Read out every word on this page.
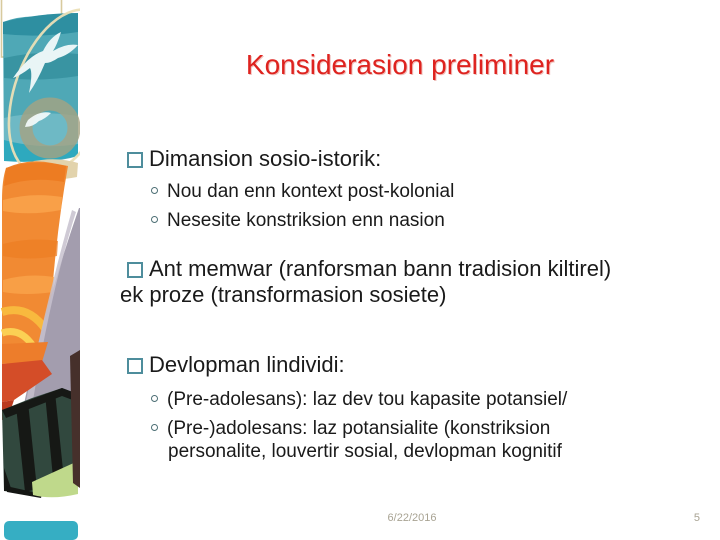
Konsiderasion preliminer
Dimansion sosio-istorik:
Nou dan enn kontext post-kolonial
Nesesite konstriksion enn nasion
Ant memwar (ranforsman bann tradision kiltirel)
ek proze (transformasion sosiete)
Devlopman lindividi:
(Pre-adolesans): laz dev tou kapasite potansiel/
(Pre-)adolesans: laz potansialite (konstriksion
personalite, louvertir sosial, devlopman kognitif
6/22/2016	5
